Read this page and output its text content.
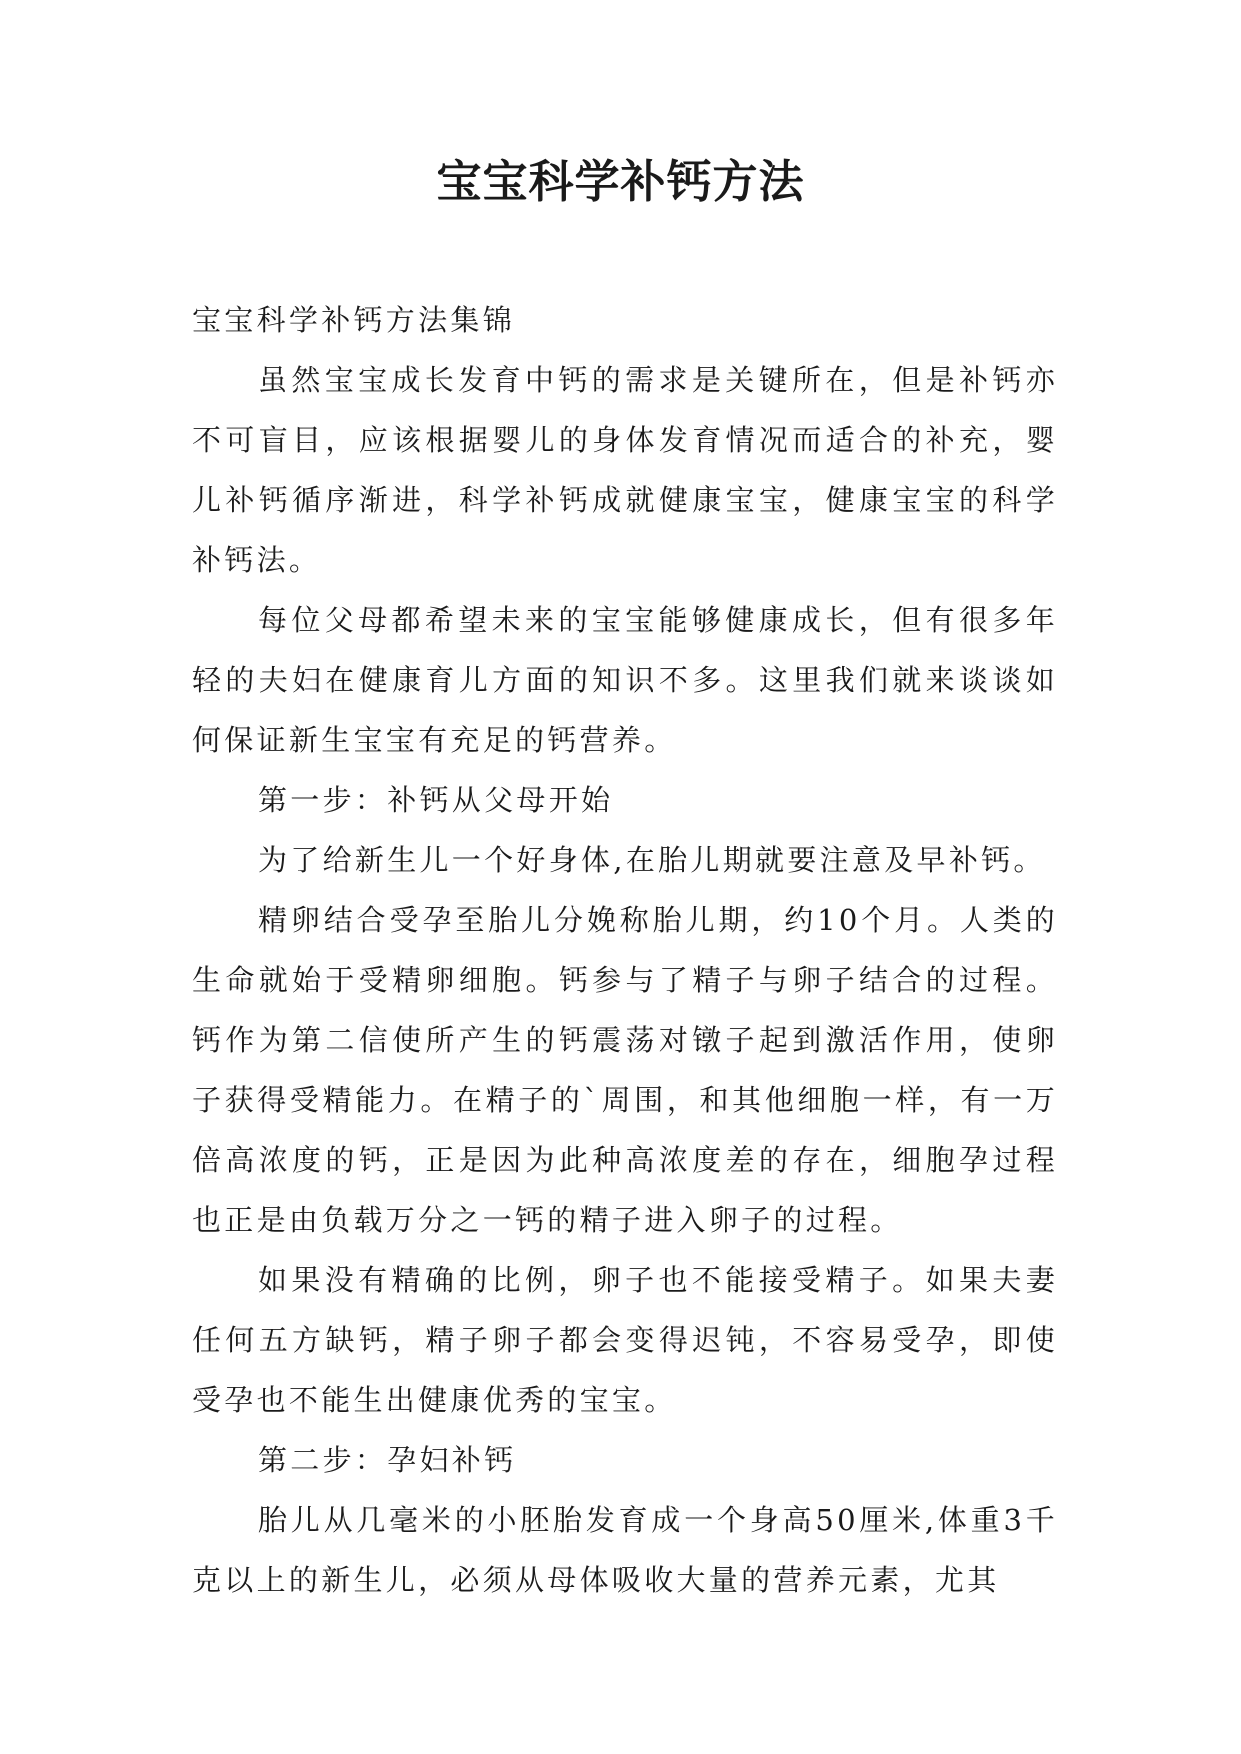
宝宝科学补钙方法

宝宝科学补钙方法集锦

虽然宝宝成长发育中钙的需求是关键所在，但是补钙亦不可盲目，应该根据婴儿的身体发育情况而适合的补充，婴儿补钙循序渐进，科学补钙成就健康宝宝，健康宝宝的科学补钙法。

每位父母都希望未来的宝宝能够健康成长，但有很多年轻的夫妇在健康育儿方面的知识不多。这里我们就来谈谈如何保证新生宝宝有充足的钙营养。

第一步：补钙从父母开始

为了给新生儿一个好身体,在胎儿期就要注意及早补钙。

精卵结合受孕至胎儿分娩称胎儿期，约10个月。人类的生命就始于受精卵细胞。钙参与了精子与卵子结合的过程。钙作为第二信使所产生的钙震荡对镦子起到激活作用，使卵子获得受精能力。在精子的`周围，和其他细胞一样，有一万倍高浓度的钙，正是因为此种高浓度差的存在，细胞孕过程也正是由负载万分之一钙的精子进入卵子的过程。

如果没有精确的比例，卵子也不能接受精子。如果夫妻任何五方缺钙，精子卵子都会变得迟钝，不容易受孕，即使受孕也不能生出健康优秀的宝宝。

第二步：孕妇补钙

胎儿从几毫米的小胚胎发育成一个身高50厘米,体重3千克以上的新生儿，必须从母体吸收大量的营养元素，尤其
